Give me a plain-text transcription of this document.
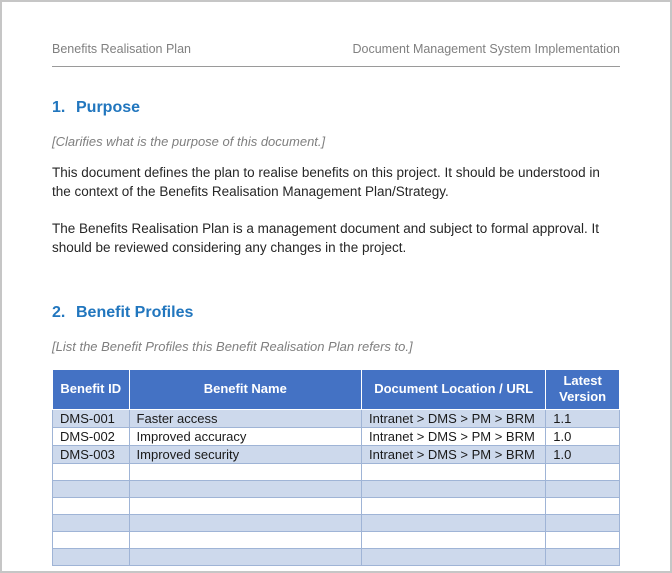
Benefits Realisation Plan	Document Management System Implementation
1. Purpose

[Clarifies what is the purpose of this document.]

This document defines the plan to realise benefits on this project. It should be understood in the context of the Benefits Realisation Management Plan/Strategy.

The Benefits Realisation Plan is a management document and subject to formal approval. It should be reviewed considering any changes in the project.

2. Benefit Profiles

[List the Benefit Profiles this Benefit Realisation Plan refers to.]

Benefit ID	Benefit Name	Document Location / URL	Latest Version
DMS-001	Faster access	Intranet > DMS > PM > BRM	1.1
DMS-002	Improved accuracy	Intranet > DMS > PM > BRM	1.0
DMS-003	Improved security	Intranet > DMS > PM > BRM	1.0
